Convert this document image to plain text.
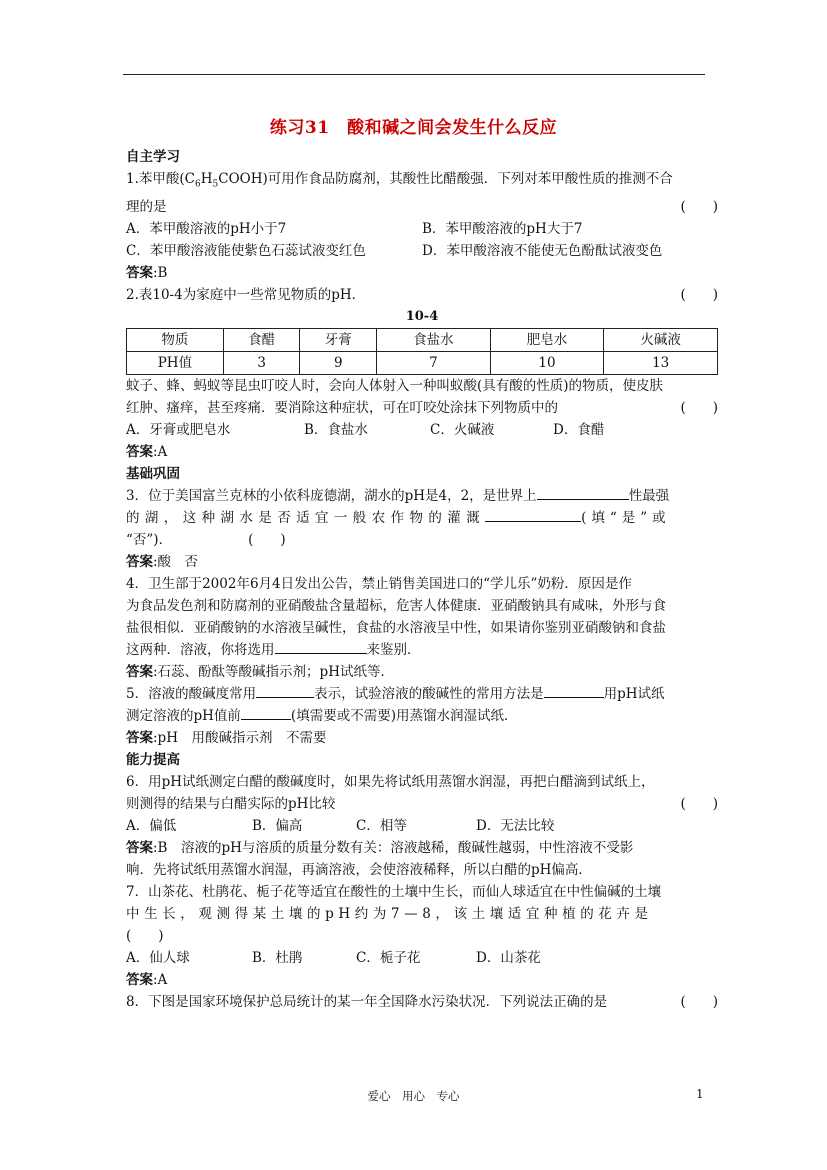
练习31　酸和碱之间会发生什么反应
自主学习
1.苯甲酸$(C_6H_5COOH)$可用作食品防腐剂，其酸性比醋酸强．下列对苯甲酸性质的推测不合
理的是	(　　)
A．苯甲酸溶液的pH小于7	B．苯甲酸溶液的pH大于7
C．苯甲酸溶液能使紫色石蕊试液变红色	D．苯甲酸溶液不能使无色酚酞试液变色
答案:B
2.表10-4为家庭中一些常见物质的pH．	(　　)
10-4
物质	食醋	牙膏	食盐水	肥皂水	火碱液
PH值	3	9	7	10	13
蚊子、蜂、蚂蚁等昆虫叮咬人时，会向人体射入一种叫蚁酸(具有酸的性质)的物质，使皮肤
红肿、瘙痒，甚至疼痛．要消除这种症状，可在叮咬处涂抹下列物质中的	(　　)
A．牙膏或肥皂水	B．食盐水	C．火碱液	D．食醋
答案:A
基础巩固
3．位于美国富兰克林的小依科庞德湖，湖水的pH是4，2，是世界上	性最强
的湖，这种湖水是否适宜一般农作物的灌溉	(填“是”或
“否”)．	(　　)
答案:酸　否
4．卫生部于2002年6月4日发出公告，禁止销售美国进口的“学儿乐”奶粉．原因是作
为食品发色剂和防腐剂的亚硝酸盐含量超标，危害人体健康．亚硝酸钠具有咸味，外形与食
盐很相似．亚硝酸钠的水溶液呈碱性，食盐的水溶液呈中性，如果请你鉴别亚硝酸钠和食盐
这两种．溶液，你将选用	来鉴别．
答案:石蕊、酚酞等酸碱指示剂；pH试纸等．
5．溶液的酸碱度常用	表示，试验溶液的酸碱性的常用方法是	用pH试纸
测定溶液的pH值前	(填需要或不需要)用蒸馏水润湿试纸．
答案:pH　用酸碱指示剂　不需要
能力提高
6．用pH试纸测定白醋的酸碱度时，如果先将试纸用蒸馏水润湿，再把白醋滴到试纸上，
则测得的结果与白醋实际的pH比较	(　　)
A．偏低	B．偏高	C．相等	D．无法比较
答案:B　溶液的pH与溶质的质量分数有关：溶液越稀，酸碱性越弱，中性溶液不受影
响．先将试纸用蒸馏水润湿，再滴溶液，会使溶液稀释，所以白醋的pH偏高．
7．山茶花、杜鹃花、栀子花等适宜在酸性的土壤中生长，而仙人球适宜在中性偏碱的土壤
中生长，观测得某土壤的pH约为7—8，该土壤适宜种植的花卉是
(　　)
A．仙人球	B．杜鹃	C．栀子花	D．山茶花
答案:A
8．下图是国家环境保护总局统计的某一年全国降水污染状况．下列说法正确的是	(　　)
爱心　用心　专心	1
